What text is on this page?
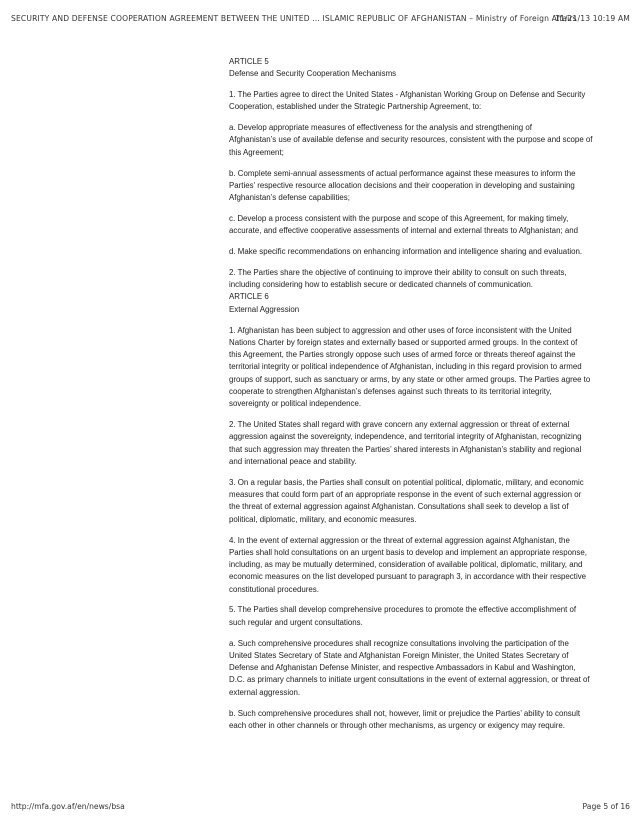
SECURITY AND DEFENSE COOPERATION AGREEMENT BETWEEN THE UNITED ... ISLAMIC REPUBLIC OF AFGHANISTAN – Ministry of Foreign Affairs
11/21/13 10:19 AM

ARTICLE 5
Defense and Security Cooperation Mechanisms

1. The Parties agree to direct the United States - Afghanistan Working Group on Defense and Security
Cooperation, established under the Strategic Partnership Agreement, to:

a. Develop appropriate measures of effectiveness for the analysis and strengthening of
Afghanistan’s use of available defense and security resources, consistent with the purpose and scope of
this Agreement;

b. Complete semi-annual assessments of actual performance against these measures to inform the
Parties’ respective resource allocation decisions and their cooperation in developing and sustaining
Afghanistan’s defense capabilities;

c. Develop a process consistent with the purpose and scope of this Agreement, for making timely,
accurate, and effective cooperative assessments of internal and external threats to Afghanistan; and

d. Make specific recommendations on enhancing information and intelligence sharing and evaluation.

2. The Parties share the objective of continuing to improve their ability to consult on such threats,
including considering how to establish secure or dedicated channels of communication.
ARTICLE 6
External Aggression

1. Afghanistan has been subject to aggression and other uses of force inconsistent with the United
Nations Charter by foreign states and externally based or supported armed groups. In the context of
this Agreement, the Parties strongly oppose such uses of armed force or threats thereof against the
territorial integrity or political independence of Afghanistan, including in this regard provision to armed
groups of support, such as sanctuary or arms, by any state or other armed groups. The Parties agree to
cooperate to strengthen Afghanistan’s defenses against such threats to its territorial integrity,
sovereignty or political independence.

2. The United States shall regard with grave concern any external aggression or threat of external
aggression against the sovereignty, independence, and territorial integrity of Afghanistan, recognizing
that such aggression may threaten the Parties’ shared interests in Afghanistan’s stability and regional
and international peace and stability.

3. On a regular basis, the Parties shall consult on potential political, diplomatic, military, and economic
measures that could form part of an appropriate response in the event of such external aggression or
the threat of external aggression against Afghanistan. Consultations shall seek to develop a list of
political, diplomatic, military, and economic measures.

4. In the event of external aggression or the threat of external aggression against Afghanistan, the
Parties shall hold consultations on an urgent basis to develop and implement an appropriate response,
including, as may be mutually determined, consideration of available political, diplomatic, military, and
economic measures on the list developed pursuant to paragraph 3, in accordance with their respective
constitutional procedures.

5. The Parties shall develop comprehensive procedures to promote the effective accomplishment of
such regular and urgent consultations.

a. Such comprehensive procedures shall recognize consultations involving the participation of the
United States Secretary of State and Afghanistan Foreign Minister, the United States Secretary of
Defense and Afghanistan Defense Minister, and respective Ambassadors in Kabul and Washington,
D.C. as primary channels to initiate urgent consultations in the event of external aggression, or threat of
external aggression.

b. Such comprehensive procedures shall not, however, limit or prejudice the Parties’ ability to consult
each other in other channels or through other mechanisms, as urgency or exigency may require.

http://mfa.gov.af/en/news/bsa	Page 5 of 16
